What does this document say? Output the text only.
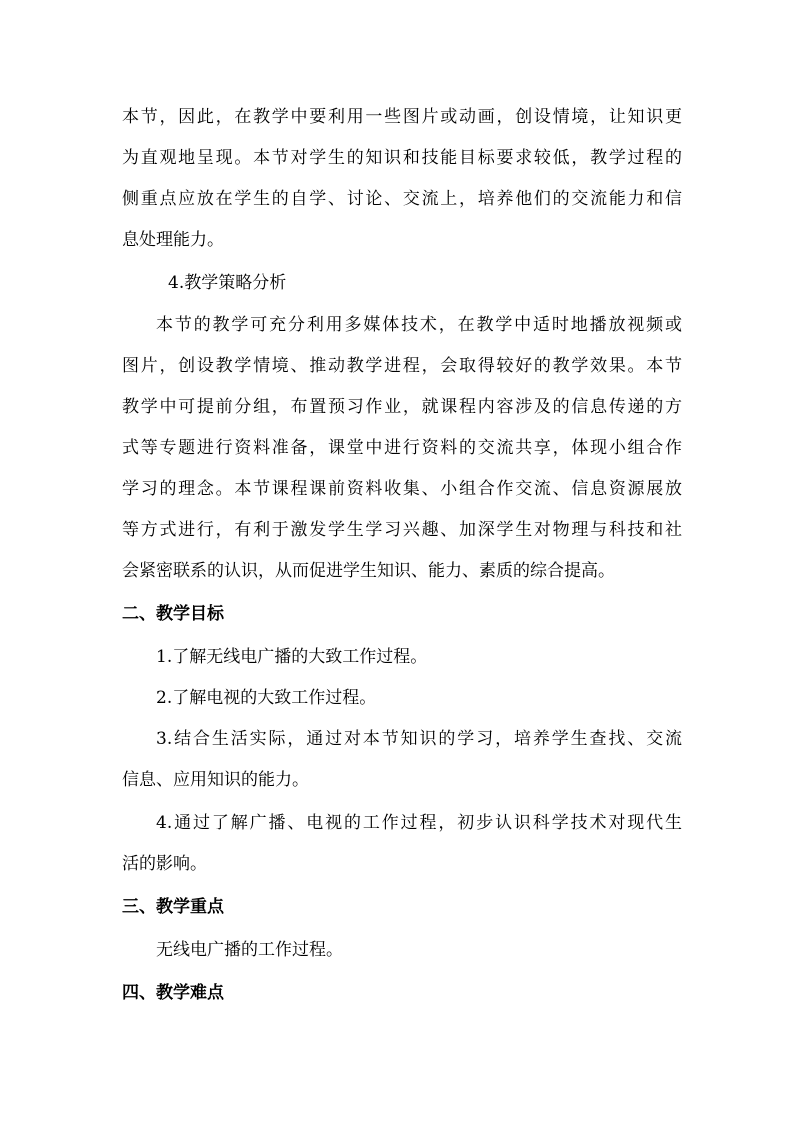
本节，因此，在教学中要利用一些图片或动画，创设情境，让知识更
为直观地呈现。本节对学生的知识和技能目标要求较低，教学过程的
侧重点应放在学生的自学、讨论、交流上，培养他们的交流能力和信
息处理能力。
4.教学策略分析
本节的教学可充分利用多媒体技术，在教学中适时地播放视频或
图片，创设教学情境、推动教学进程，会取得较好的教学效果。本节
教学中可提前分组，布置预习作业，就课程内容涉及的信息传递的方
式等专题进行资料准备，课堂中进行资料的交流共享，体现小组合作
学习的理念。本节课程课前资料收集、小组合作交流、信息资源展放
等方式进行，有利于激发学生学习兴趣、加深学生对物理与科技和社
会紧密联系的认识，从而促进学生知识、能力、素质的综合提高。
二、教学目标
1.了解无线电广播的大致工作过程。
2.了解电视的大致工作过程。
3.结合生活实际，通过对本节知识的学习，培养学生查找、交流
信息、应用知识的能力。
4.通过了解广播、电视的工作过程，初步认识科学技术对现代生
活的影响。
三、教学重点
无线电广播的工作过程。
四、教学难点
